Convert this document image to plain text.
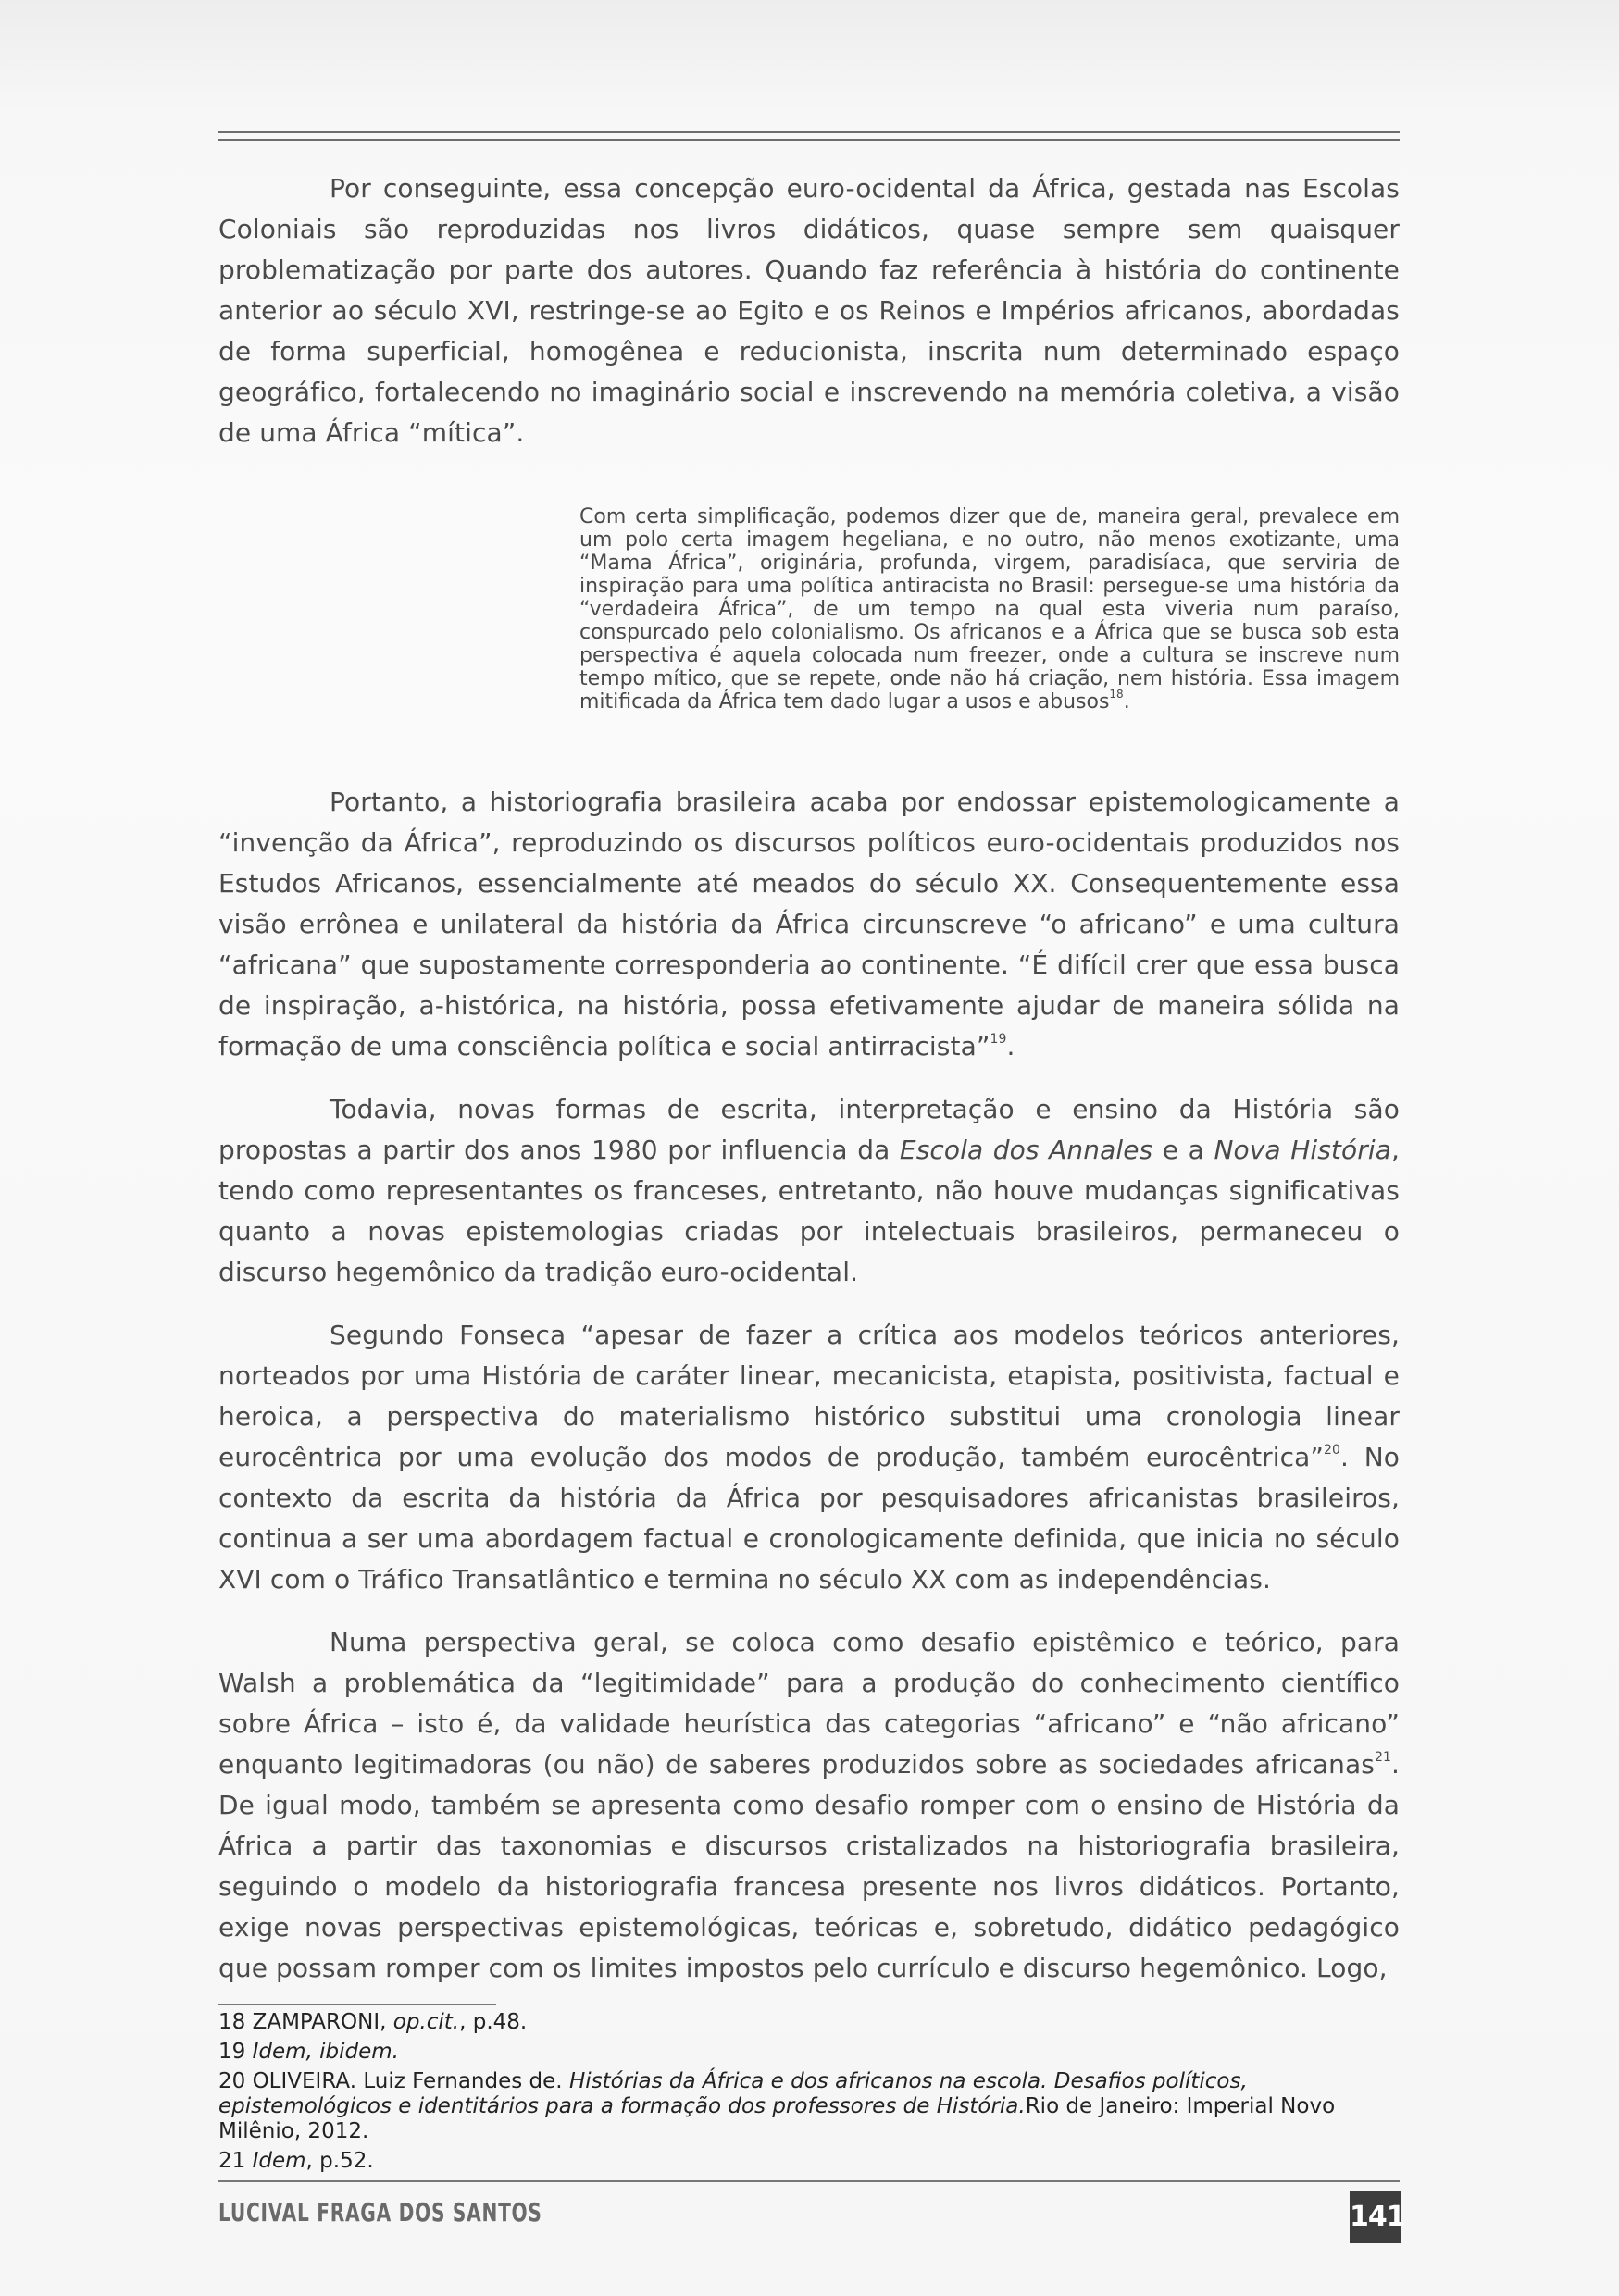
Por conseguinte, essa concepção euro-ocidental da África, gestada nas Escolas Coloniais são reproduzidas nos livros didáticos, quase sempre sem quaisquer problematização por parte dos autores. Quando faz referência à história do continente anterior ao século XVI, restringe-se ao Egito e os Reinos e Impérios africanos, abordadas de forma superficial, homogênea e reducionista, inscrita num determinado espaço geográfico, fortalecendo no imaginário social e inscrevendo na memória coletiva, a visão de uma África “mítica”.

Com certa simplificação, podemos dizer que de, maneira geral, prevalece em um polo certa imagem hegeliana, e no outro, não menos exotizante, uma “Mama África”, originária, profunda, virgem, paradisíaca, que serviria de inspiração para uma política antiracista no Brasil: persegue-se uma história da “verdadeira África”, de um tempo na qual esta viveria num paraíso, conspurcado pelo colonialismo. Os africanos e a África que se busca sob esta perspectiva é aquela colocada num freezer, onde a cultura se inscreve num tempo mítico, que se repete, onde não há criação, nem história. Essa imagem mitificada da África tem dado lugar a usos e abusos$^{18}$.

Portanto, a historiografia brasileira acaba por endossar epistemologicamente a “invenção da África”, reproduzindo os discursos políticos euro-ocidentais produzidos nos Estudos Africanos, essencialmente até meados do século XX. Consequentemente essa visão errônea e unilateral da história da África circunscreve “o africano” e uma cultura “africana” que supostamente corresponderia ao continente. “É difícil crer que essa busca de inspiração, a-histórica, na história, possa efetivamente ajudar de maneira sólida na formação de uma consciência política e social antirracista”$^{19}$.

Todavia, novas formas de escrita, interpretação e ensino da História são propostas a partir dos anos 1980 por influencia da Escola dos Annales e a Nova História, tendo como representantes os franceses, entretanto, não houve mudanças significativas quanto a novas epistemologias criadas por intelectuais brasileiros, permaneceu o discurso hegemônico da tradição euro-ocidental.

Segundo Fonseca “apesar de fazer a crítica aos modelos teóricos anteriores, norteados por uma História de caráter linear, mecanicista, etapista, positivista, factual e heroica, a perspectiva do materialismo histórico substitui uma cronologia linear eurocêntrica por uma evolução dos modos de produção, também eurocêntrica”$^{20}$. No contexto da escrita da história da África por pesquisadores africanistas brasileiros, continua a ser uma abordagem factual e cronologicamente definida, que inicia no século XVI com o Tráfico Transatlântico e termina no século XX com as independências.

Numa perspectiva geral, se coloca como desafio epistêmico e teórico, para Walsh a problemática da “legitimidade” para a produção do conhecimento científico sobre África – isto é, da validade heurística das categorias “africano” e “não africano” enquanto legitimadoras (ou não) de saberes produzidos sobre as sociedades africanas$^{21}$. De igual modo, também se apresenta como desafio romper com o ensino de História da África a partir das taxonomias e discursos cristalizados na historiografia brasileira, seguindo o modelo da historiografia francesa presente nos livros didáticos. Portanto, exige novas perspectivas epistemológicas, teóricas e, sobretudo, didático pedagógico que possam romper com os limites impostos pelo currículo e discurso hegemônico. Logo,

18 ZAMPARONI, op.cit., p.48.

19 Idem, ibidem.

20 OLIVEIRA. Luiz Fernandes de. Histórias da África e dos africanos na escola. Desafios políticos, epistemológicos e identitários para a formação dos professores de História.Rio de Janeiro: Imperial Novo Milênio, 2012.

21 Idem, p.52.

LUCIVAL FRAGA DOS SANTOS	141
